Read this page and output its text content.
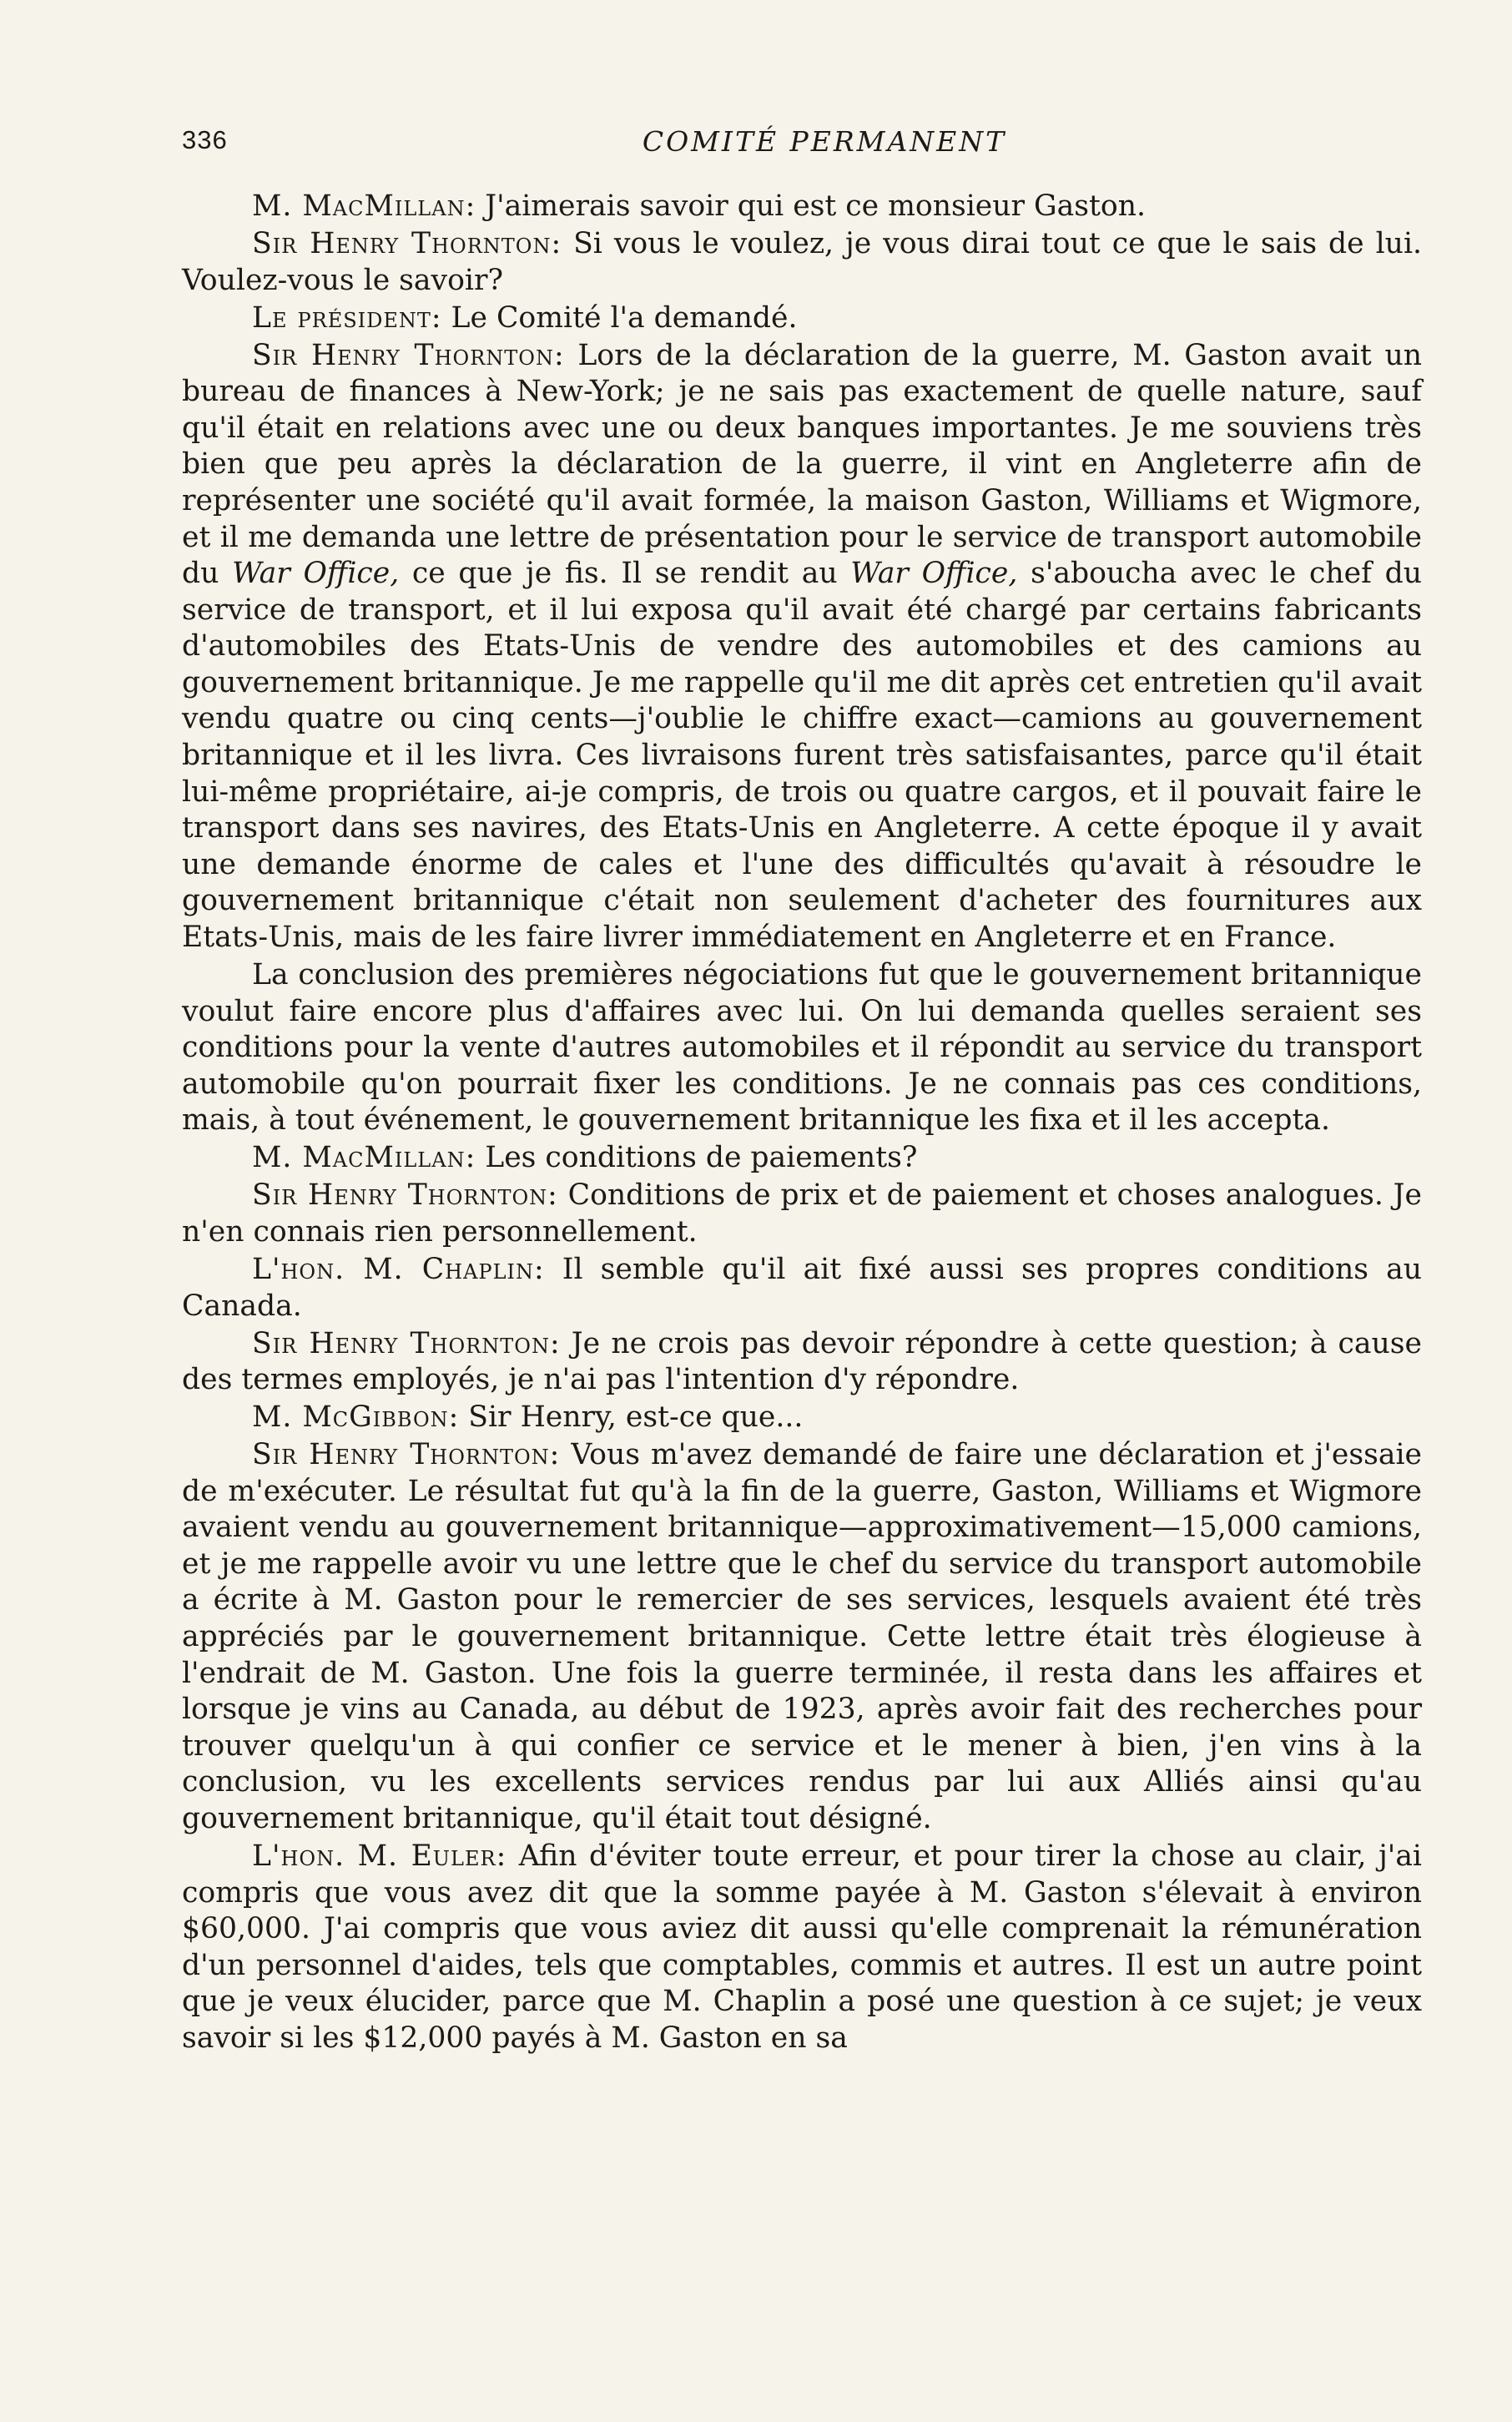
336	COMITÉ PERMANENT

M. MacMillan: J'aimerais savoir qui est ce monsieur Gaston.

Sir Henry Thornton: Si vous le voulez, je vous dirai tout ce que le sais de lui. Voulez-vous le savoir?

Le président: Le Comité l'a demandé.

Sir Henry Thornton: Lors de la déclaration de la guerre, M. Gaston avait un bureau de finances à New-York; je ne sais pas exactement de quelle nature, sauf qu'il était en relations avec une ou deux banques importantes. Je me souviens très bien que peu après la déclaration de la guerre, il vint en Angleterre afin de représenter une société qu'il avait formée, la maison Gaston, Williams et Wigmore, et il me demanda une lettre de présentation pour le service de transport automobile du War Office, ce que je fis. Il se rendit au War Office, s'aboucha avec le chef du service de transport, et il lui exposa qu'il avait été chargé par certains fabricants d'automobiles des Etats-Unis de vendre des automobiles et des camions au gouvernement britannique. Je me rappelle qu'il me dit après cet entretien qu'il avait vendu quatre ou cinq cents—j'oublie le chiffre exact—camions au gouvernement britannique et il les livra. Ces livraisons furent très satisfaisantes, parce qu'il était lui-même propriétaire, ai-je compris, de trois ou quatre cargos, et il pouvait faire le transport dans ses navires, des Etats-Unis en Angleterre. A cette époque il y avait une demande énorme de cales et l'une des difficultés qu'avait à résoudre le gouvernement britannique c'était non seulement d'acheter des fournitures aux Etats-Unis, mais de les faire livrer immédiatement en Angleterre et en France.

La conclusion des premières négociations fut que le gouvernement britannique voulut faire encore plus d'affaires avec lui. On lui demanda quelles seraient ses conditions pour la vente d'autres automobiles et il répondit au service du transport automobile qu'on pourrait fixer les conditions. Je ne connais pas ces conditions, mais, à tout événement, le gouvernement britannique les fixa et il les accepta.

M. MacMillan: Les conditions de paiements?

Sir Henry Thornton: Conditions de prix et de paiement et choses analogues. Je n'en connais rien personnellement.

L'hon. M. Chaplin: Il semble qu'il ait fixé aussi ses propres conditions au Canada.

Sir Henry Thornton: Je ne crois pas devoir répondre à cette question; à cause des termes employés, je n'ai pas l'intention d'y répondre.

M. McGibbon: Sir Henry, est-ce que...

Sir Henry Thornton: Vous m'avez demandé de faire une déclaration et j'essaie de m'exécuter. Le résultat fut qu'à la fin de la guerre, Gaston, Williams et Wigmore avaient vendu au gouvernement britannique—approximativement—15,000 camions, et je me rappelle avoir vu une lettre que le chef du service du transport automobile a écrite à M. Gaston pour le remercier de ses services, lesquels avaient été très appréciés par le gouvernement britannique. Cette lettre était très élogieuse à l'endrait de M. Gaston. Une fois la guerre terminée, il resta dans les affaires et lorsque je vins au Canada, au début de 1923, après avoir fait des recherches pour trouver quelqu'un à qui confier ce service et le mener à bien, j'en vins à la conclusion, vu les excellents services rendus par lui aux Alliés ainsi qu'au gouvernement britannique, qu'il était tout désigné.

L'hon. M. Euler: Afin d'éviter toute erreur, et pour tirer la chose au clair, j'ai compris que vous avez dit que la somme payée à M. Gaston s'élevait à environ $60,000. J'ai compris que vous aviez dit aussi qu'elle comprenait la rémunération d'un personnel d'aides, tels que comptables, commis et autres. Il est un autre point que je veux élucider, parce que M. Chaplin a posé une question à ce sujet; je veux savoir si les $12,000 payés à M. Gaston en sa
